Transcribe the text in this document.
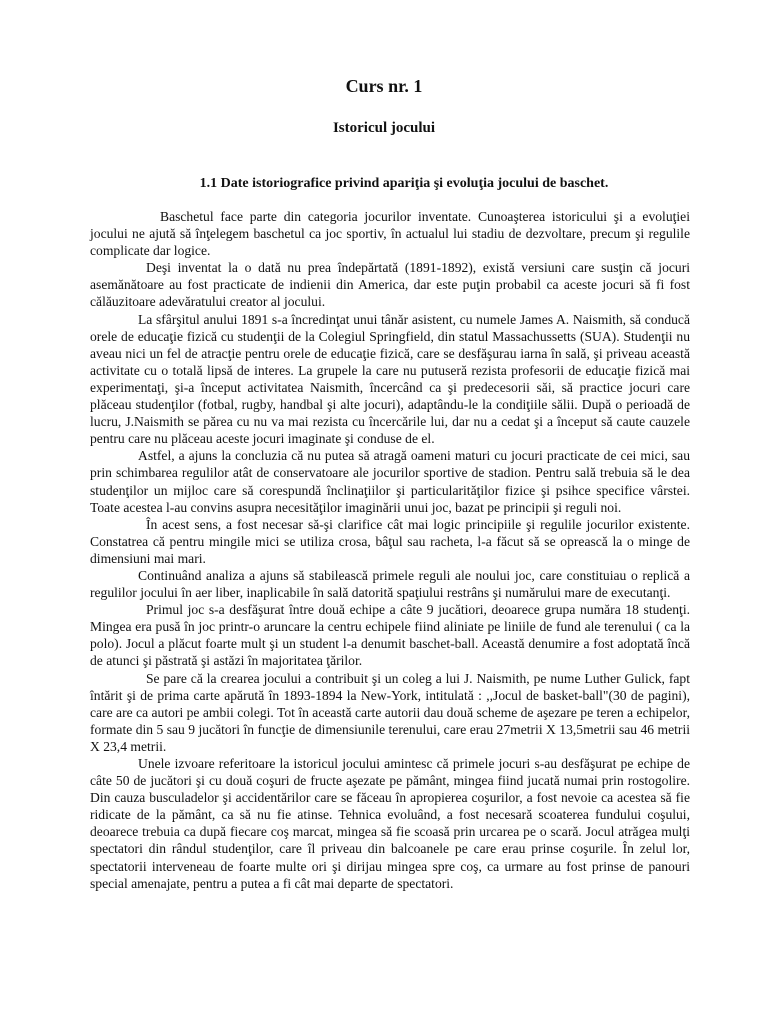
Curs nr. 1
Istoricul jocului
1.1 Date istoriografice privind apariţia şi evoluţia jocului de baschet.

Baschetul face parte din categoria jocurilor inventate. Cunoaşterea istoricului şi a evoluţiei jocului ne ajută să înţelegem baschetul ca joc sportiv, în actualul lui stadiu de dezvoltare, precum şi regulile complicate dar logice.

Deşi inventat la o dată nu prea îndepărtată (1891-1892), există versiuni care susţin că jocuri asemănătoare au fost practicate de indienii din America, dar este puţin probabil ca aceste jocuri să fi fost călăuzitoare adevăratului creator al jocului.

La sfârşitul anului 1891 s-a încredinţat unui tânăr asistent, cu numele James A. Naismith, să conducă orele de educaţie fizică cu studenţii de la Colegiul Springfield, din statul Massachussetts (SUA). Studenţii nu aveau nici un fel de atracţie pentru orele de educaţie fizică, care se desfăşurau iarna în sală, şi priveau această activitate cu o totală lipsă de interes. La grupele la care nu putuseră rezista profesorii de educaţie fizică mai experimentaţi, şi-a început activitatea Naismith, încercând ca şi predecesorii săi, să practice jocuri care plăceau studenţilor (fotbal, rugby, handbal şi alte jocuri), adaptându-le la condiţiile sălii. După o perioadă de lucru, J.Naismith se părea cu nu va mai rezista cu încercările lui, dar nu a cedat şi a început să caute cauzele pentru care nu plăceau aceste jocuri imaginate şi conduse de el.

Astfel, a ajuns la concluzia că nu putea să atragă oameni maturi cu jocuri practicate de cei mici, sau prin schimbarea regulilor atât de conservatoare ale jocurilor sportive de stadion. Pentru sală trebuia să le dea studenţilor un mijloc care să corespundă înclinaţiilor şi particularităţilor fizice şi psihce specifice vârstei. Toate acestea l-au convins asupra necesităţilor imaginării unui joc, bazat pe principii şi reguli noi.

În acest sens, a fost necesar să-şi clarifice cât mai logic principiile şi regulile jocurilor existente. Constatrea că pentru mingile mici se utiliza crosa, bâţul sau racheta, l-a făcut să se oprească la o minge de dimensiuni mai mari.

Continuând analiza a ajuns să stabilească primele reguli ale noului joc, care constituiau o replică a regulilor jocului în aer liber, inaplicabile în sală datorită spaţiului restrâns şi numărului mare de executanţi.

Primul joc s-a desfăşurat între două echipe a câte 9 jucătiori, deoarece grupa număra 18 studenţi. Mingea era pusă în joc printr-o aruncare la centru echipele fiind aliniate pe liniile de fund ale terenului ( ca la polo). Jocul a plăcut foarte mult şi un student l-a denumit baschet-ball. Această denumire a fost adoptată încă de atunci şi păstrată şi astăzi în majoritatea ţărilor.

Se pare că la crearea jocului a contribuit şi un coleg a lui J. Naismith, pe nume Luther Gulick, fapt întărit şi de prima carte apărută în 1893-1894 la New-York, intitulată : ,,Jocul de basket-ball"(30 de pagini), care are ca autori pe ambii colegi. Tot în această carte autorii dau două scheme de aşezare pe teren a echipelor, formate din 5 sau 9 jucători în funcţie de dimensiunile terenului, care erau 27metrii X 13,5metrii sau 46 metrii X 23,4 metrii.

Unele izvoare referitoare la istoricul jocului amintesc că primele jocuri s-au desfăşurat pe echipe de câte 50 de jucători şi cu două coşuri de fructe aşezate pe pământ, mingea fiind jucată numai prin rostogolire. Din cauza busculadelor şi accidentărilor care se făceau în apropierea coşurilor, a fost nevoie ca acestea să fie ridicate de la pământ, ca să nu fie atinse. Tehnica evoluând, a fost necesară scoaterea fundului coşului, deoarece trebuia ca după fiecare coş marcat, mingea să fie scoasă prin urcarea pe o scară. Jocul atrăgea mulţi spectatori din rândul studenţilor, care îl priveau din balcoanele pe care erau prinse coşurile. În zelul lor, spectatorii interveneau de foarte multe ori şi dirijau mingea spre coş, ca urmare au fost prinse de panouri special amenajate, pentru a putea a fi cât mai departe de spectatori.
